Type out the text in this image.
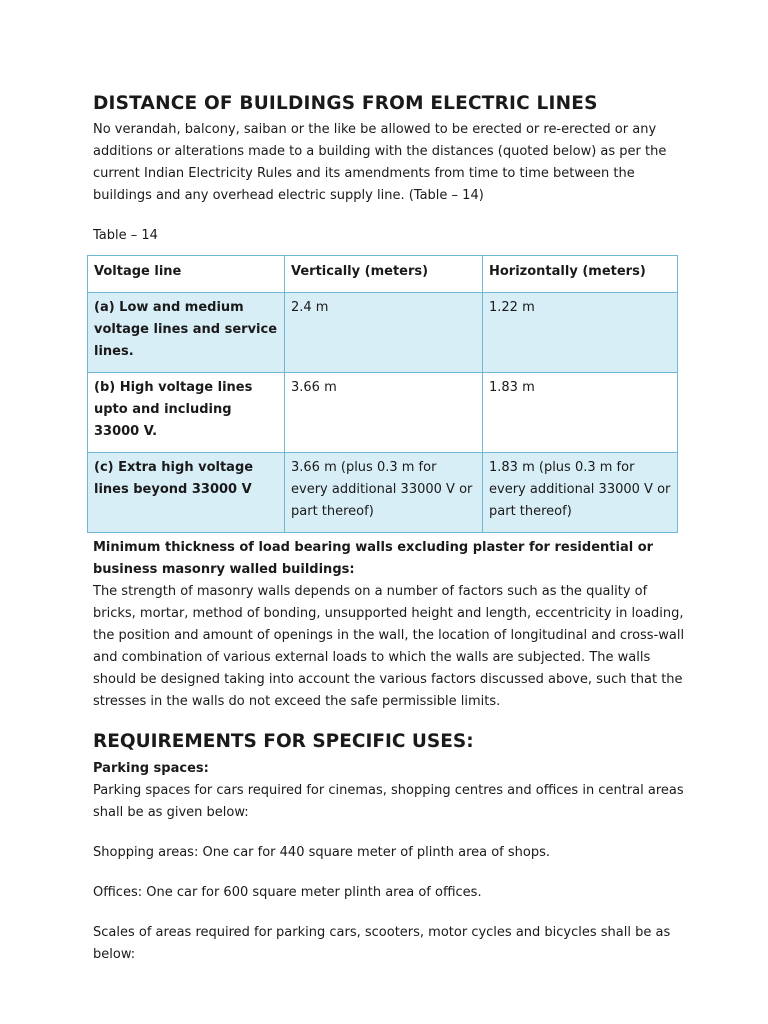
DISTANCE OF BUILDINGS FROM ELECTRIC LINES

No verandah, balcony, saiban or the like be allowed to be erected or re-erected or any additions or alterations made to a building with the distances (quoted below) as per the current Indian Electricity Rules and its amendments from time to time between the buildings and any overhead electric supply line. (Table – 14)

Table – 14
Voltage line	Vertically (meters)	Horizontally (meters)
(a) Low and medium voltage lines and service lines.	2.4 m	1.22 m
(b) High voltage lines upto and including 33000 V.	3.66 m	1.83 m
(c) Extra high voltage lines beyond 33000 V	3.66 m (plus 0.3 m for every additional 33000 V or part thereof)	1.83 m (plus 0.3 m for every additional 33000 V or part thereof)
Minimum thickness of load bearing walls excluding plaster for residential or business masonry walled buildings:

The strength of masonry walls depends on a number of factors such as the quality of bricks, mortar, method of bonding, unsupported height and length, eccentricity in loading, the position and amount of openings in the wall, the location of longitudinal and cross-wall and combination of various external loads to which the walls are subjected. The walls should be designed taking into account the various factors discussed above, such that the stresses in the walls do not exceed the safe permissible limits.

REQUIREMENTS FOR SPECIFIC USES:
Parking spaces:

Parking spaces for cars required for cinemas, shopping centres and offices in central areas shall be as given below:

Shopping areas: One car for 440 square meter of plinth area of shops.

Offices: One car for 600 square meter plinth area of offices.

Scales of areas required for parking cars, scooters, motor cycles and bicycles shall be as below:
